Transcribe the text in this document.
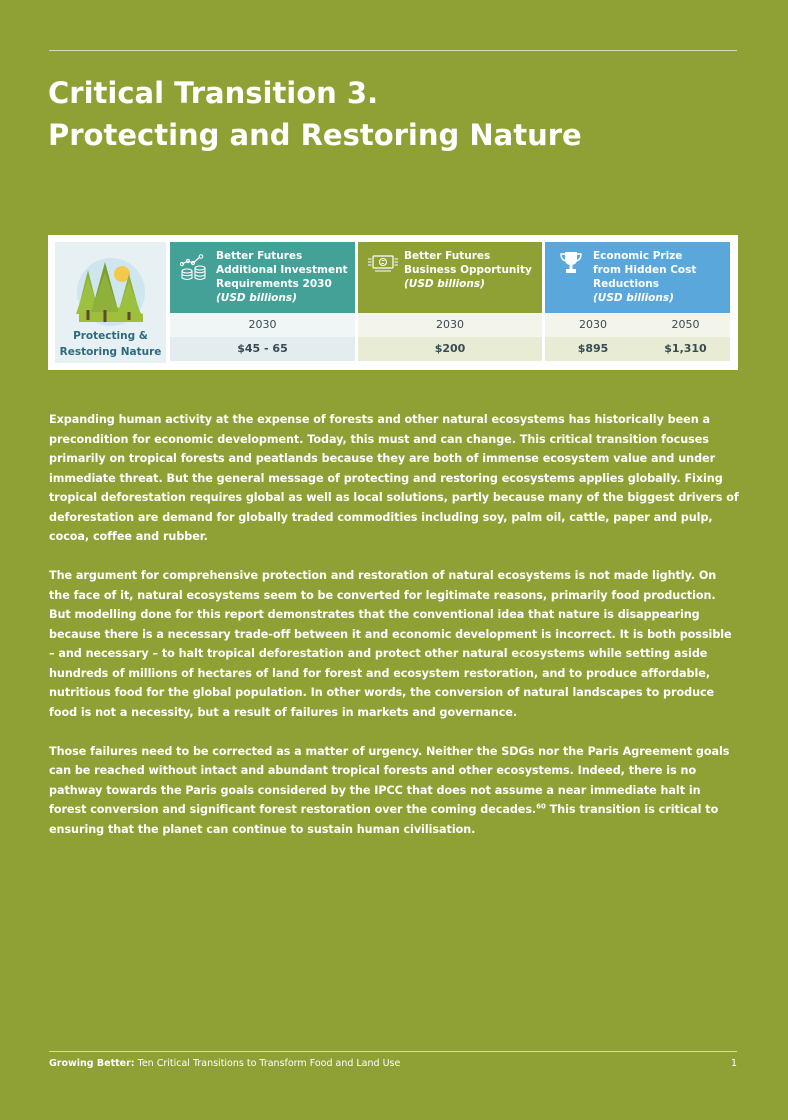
Critical Transition 3.
Protecting and Restoring Nature
Protecting &
Restoring Nature
Better Futures
Additional Investment
Requirements 2030
(USD billions)
2030
$45 - 65
Better Futures
Business Opportunity
(USD billions)
2030
$200
Economic Prize
from Hidden Cost
Reductions
(USD billions)
2030	2050
$895	$1,310

Expanding human activity at the expense of forests and other natural ecosystems has historically been a precondition for economic development. Today, this must and can change. This critical transition focuses primarily on tropical forests and peatlands because they are both of immense ecosystem value and under immediate threat. But the general message of protecting and restoring ecosystems applies globally. Fixing tropical deforestation requires global as well as local solutions, partly because many of the biggest drivers of deforestation are demand for globally traded commodities including soy, palm oil, cattle, paper and pulp, cocoa, coffee and rubber.

The argument for comprehensive protection and restoration of natural ecosystems is not made lightly. On the face of it, natural ecosystems seem to be converted for legitimate reasons, primarily food production. But modelling done for this report demonstrates that the conventional idea that nature is disappearing because there is a necessary trade-off between it and economic development is incorrect. It is both possible – and necessary – to halt tropical deforestation and protect other natural ecosystems while setting aside hundreds of millions of hectares of land for forest and ecosystem restoration, and to produce affordable, nutritious food for the global population. In other words, the conversion of natural landscapes to produce food is not a necessity, but a result of failures in markets and governance.

Those failures need to be corrected as a matter of urgency. Neither the SDGs nor the Paris Agreement goals can be reached without intact and abundant tropical forests and other ecosystems. Indeed, there is no pathway towards the Paris goals considered by the IPCC that does not assume a near immediate halt in forest conversion and significant forest restoration over the coming decades.$^{60}$ This transition is critical to ensuring that the planet can continue to sustain human civilisation.

Growing Better: Ten Critical Transitions to Transform Food and Land Use	1
